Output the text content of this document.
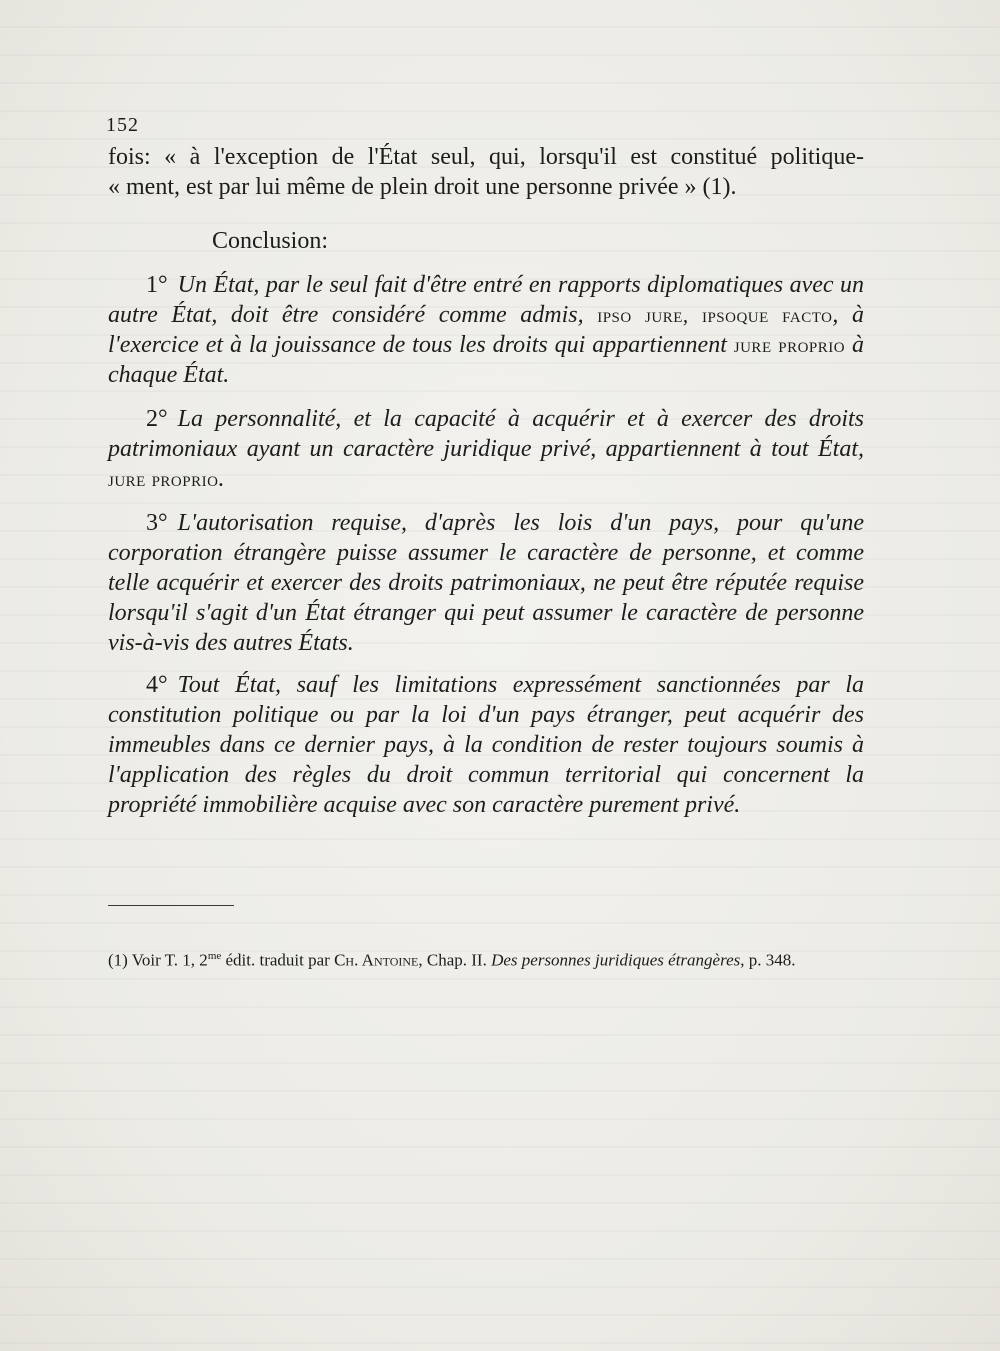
152
fois: « à l'exception de l'État seul, qui, lorsqu'il est constitué politique-
« ment, est par lui même de plein droit une personne privée » (1).
Conclusion:
1° Un État, par le seul fait d'être entré en rapports diplomatiques avec un autre État, doit être considéré comme admis, ipso jure, ipsoque facto, à l'exercice et à la jouissance de tous les droits qui appartiennent jure proprio à chaque État.
2° La personnalité, et la capacité à acquérir et à exercer des droits patrimoniaux ayant un caractère juridique privé, appartiennent à tout État, jure proprio.
3° L'autorisation requise, d'après les lois d'un pays, pour qu'une corporation étrangère puisse assumer le caractère de personne, et comme telle acquérir et exercer des droits patrimoniaux, ne peut être réputée requise lorsqu'il s'agit d'un État étranger qui peut assumer le caractère de personne vis-à-vis des autres États.
4° Tout État, sauf les limitations expressément sanctionnées par la constitution politique ou par la loi d'un pays étranger, peut acquérir des immeubles dans ce dernier pays, à la condition de rester toujours soumis à l'application des règles du droit commun territorial qui concernent la propriété immobilière acquise avec son caractère purement privé.
(1) Voir T. 1, $2^{me}$ édit. traduit par Ch. Antoine, Chap. II. Des personnes juridiques étrangères, p. 348.
